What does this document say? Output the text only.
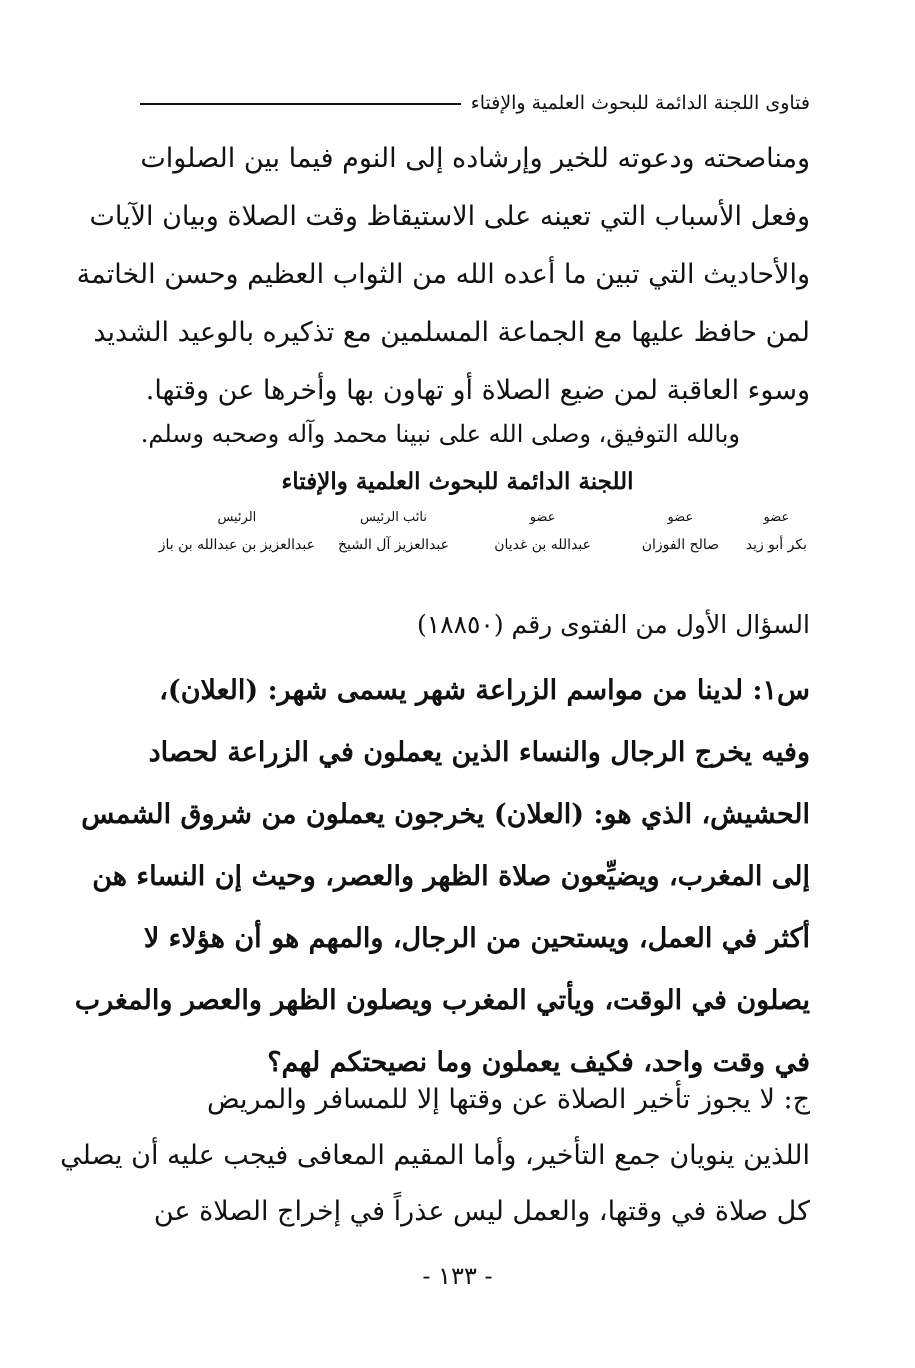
فتاوى اللجنة الدائمة للبحوث العلمية والإفتاء
ومناصحته ودعوته للخير وإرشاده إلى النوم فيما بين الصلوات
وفعل الأسباب التي تعينه على الاستيقاظ وقت الصلاة وبيان الآيات
والأحاديث التي تبين ما أعده الله من الثواب العظيم وحسن الخاتمة
لمن حافظ عليها مع الجماعة المسلمين مع تذكيره بالوعيد الشديد
وسوء العاقبة لمن ضيع الصلاة أو تهاون بها وأخرها عن وقتها.
وبالله التوفيق، وصلى الله على نبينا محمد وآله وصحبه وسلم.
اللجنة الدائمة للبحوث العلمية والإفتاء
عضو
بكر أبو زيد
عضو
صالح الفوزان
عضو
عبدالله بن غديان
نائب الرئيس
عبدالعزيز آل الشيخ
الرئيس
عبدالعزيز بن عبدالله بن باز
السؤال الأول من الفتوى رقم (١٨٨٥٠)
س١: لدينا من مواسم الزراعة شهر يسمى شهر: (العلان)،
وفيه يخرج الرجال والنساء الذين يعملون في الزراعة لحصاد
الحشيش، الذي هو: (العلان) يخرجون يعملون من شروق الشمس
إلى المغرب، ويضيِّعون صلاة الظهر والعصر، وحيث إن النساء هن
أكثر في العمل، ويستحين من الرجال، والمهم هو أن هؤلاء لا
يصلون في الوقت، ويأتي المغرب ويصلون الظهر والعصر والمغرب
في وقت واحد، فكيف يعملون وما نصيحتكم لهم؟
ج: لا يجوز تأخير الصلاة عن وقتها إلا للمسافر والمريض
اللذين ينويان جمع التأخير، وأما المقيم المعافى فيجب عليه أن يصلي
كل صلاة في وقتها، والعمل ليس عذراً في إخراج الصلاة عن
- ١٣٣ -
